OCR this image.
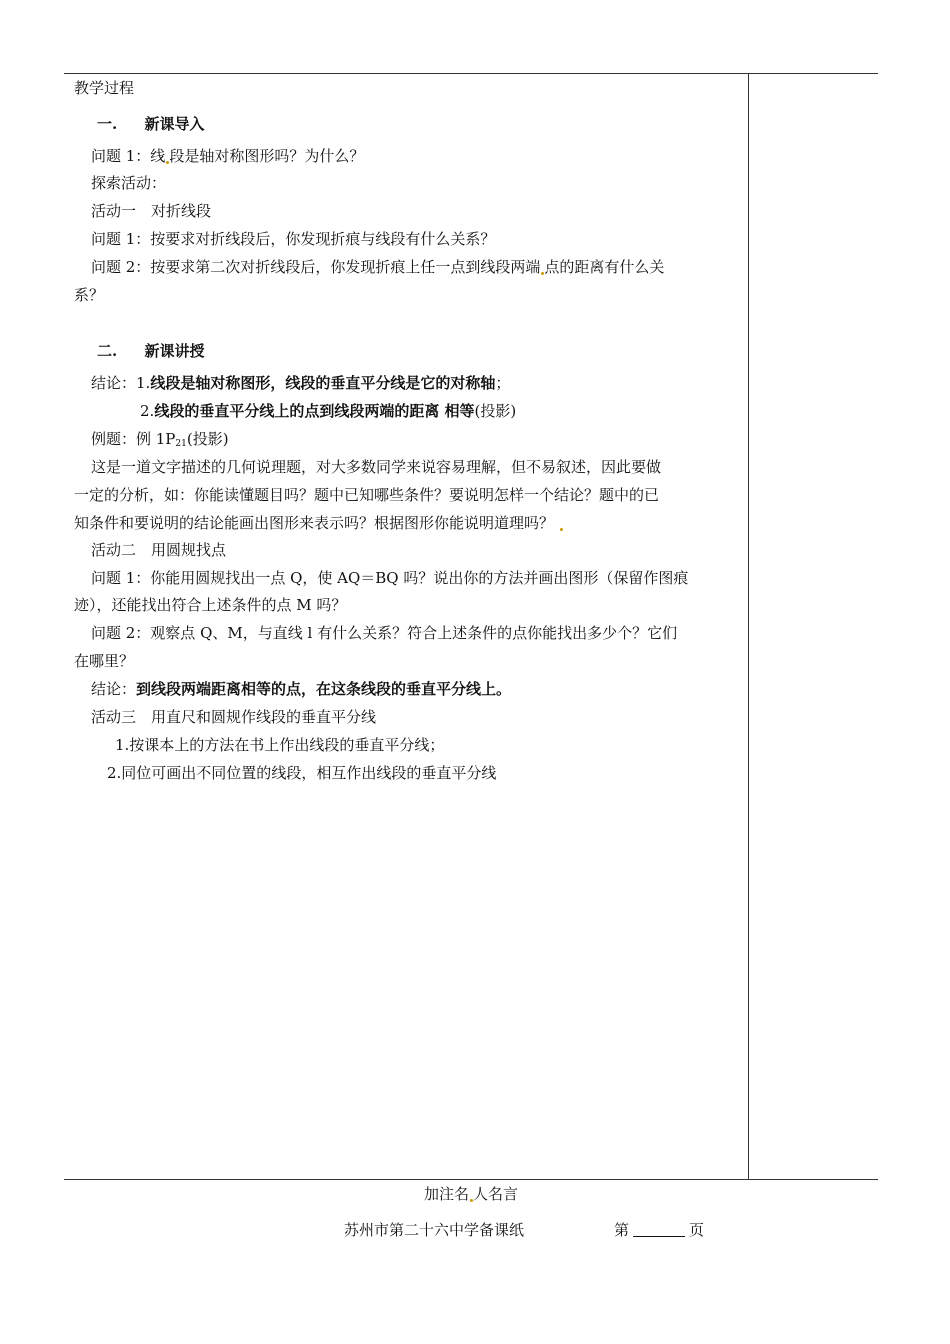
教学过程
一. 新课导入
问题 1：线 段是轴对称图形吗？为什么？
探索活动：
活动一　对折线段
问题 1：按要求对折线段后，你发现折痕与线段有什么关系？
问题 2：按要求第二次对折线段后，你发现折痕上任一点到线段两端 点的距离有什么关
系？
二. 新课讲授
结论：1.线段是轴对称图形，线段的垂直平分线是它的对称轴；
2.线段的垂直平分线上的点到线段两端的距离 相等(投影)
例题：例 $1P_{21}$(投影)
这是一道文字描述的几何说理题，对大多数同学来说容易理解，但不易叙述，因此要做
一定的分析，如：你能读懂题目吗？题中已知哪些条件？要说明怎样一个结论？题中的已
知条件和要说明的结论能画出图形来表示吗？根据图形你能说明道理吗？
活动二　用圆规找点
问题 1：你能用圆规找出一点 Q，使 AQ＝BQ 吗？说出你的方法并画出图形（保留作图痕
迹），还能找出符合上述条件的点 M 吗？
问题 2：观察点 Q、M，与直线 l 有什么关系？符合上述条件的点你能找出多少个？它们
在哪里？
结论：到线段两端距离相等的点，在这条线段的垂直平分线上。
活动三　用直尺和圆规作线段的垂直平分线
1.按课本上的方法在书上作出线段的垂直平分线；
2.同位可画出不同位置的线段，相互作出线段的垂直平分线
加注名 人名言
苏州市第二十六中学备课纸	第	页
